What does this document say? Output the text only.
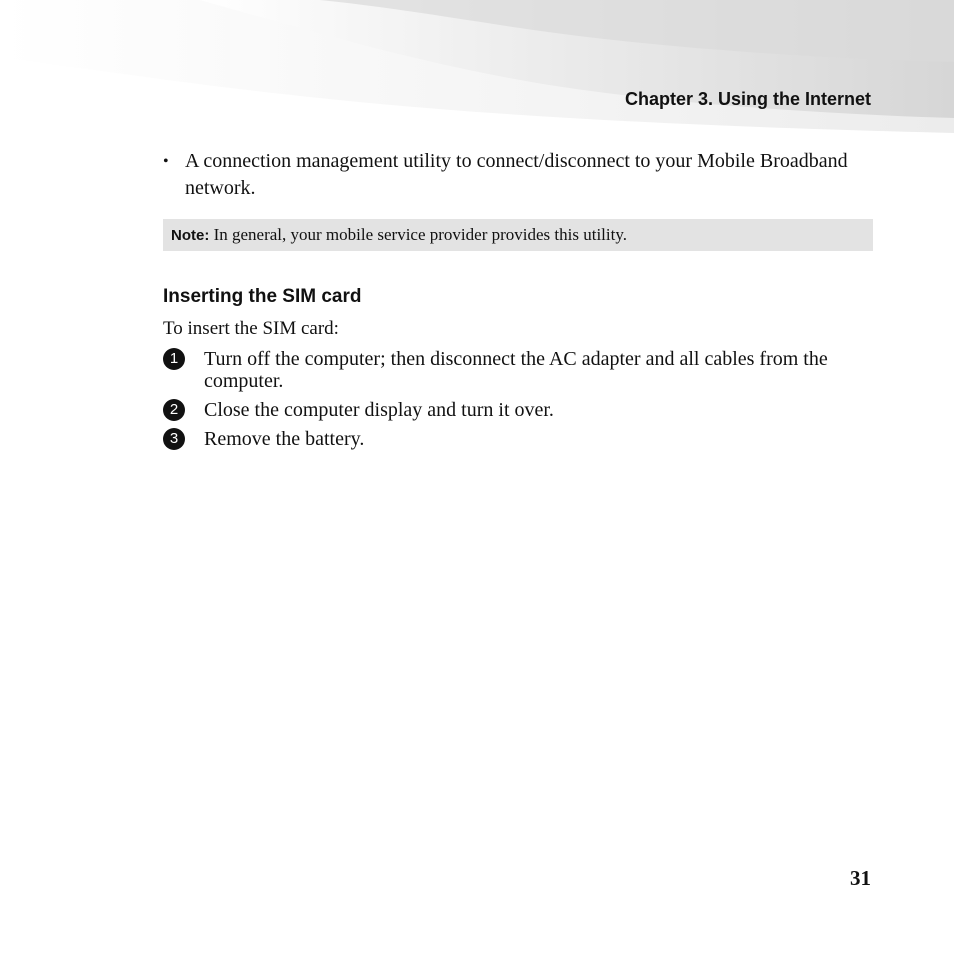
Chapter 3. Using the Internet
• A connection management utility to connect/disconnect to your Mobile Broadband network.
Note: In general, your mobile service provider provides this utility.
Inserting the SIM card
To insert the SIM card:
1	Turn off the computer; then disconnect the AC adapter and all cables from the computer.
2	Close the computer display and turn it over.
3	Remove the battery.
31
